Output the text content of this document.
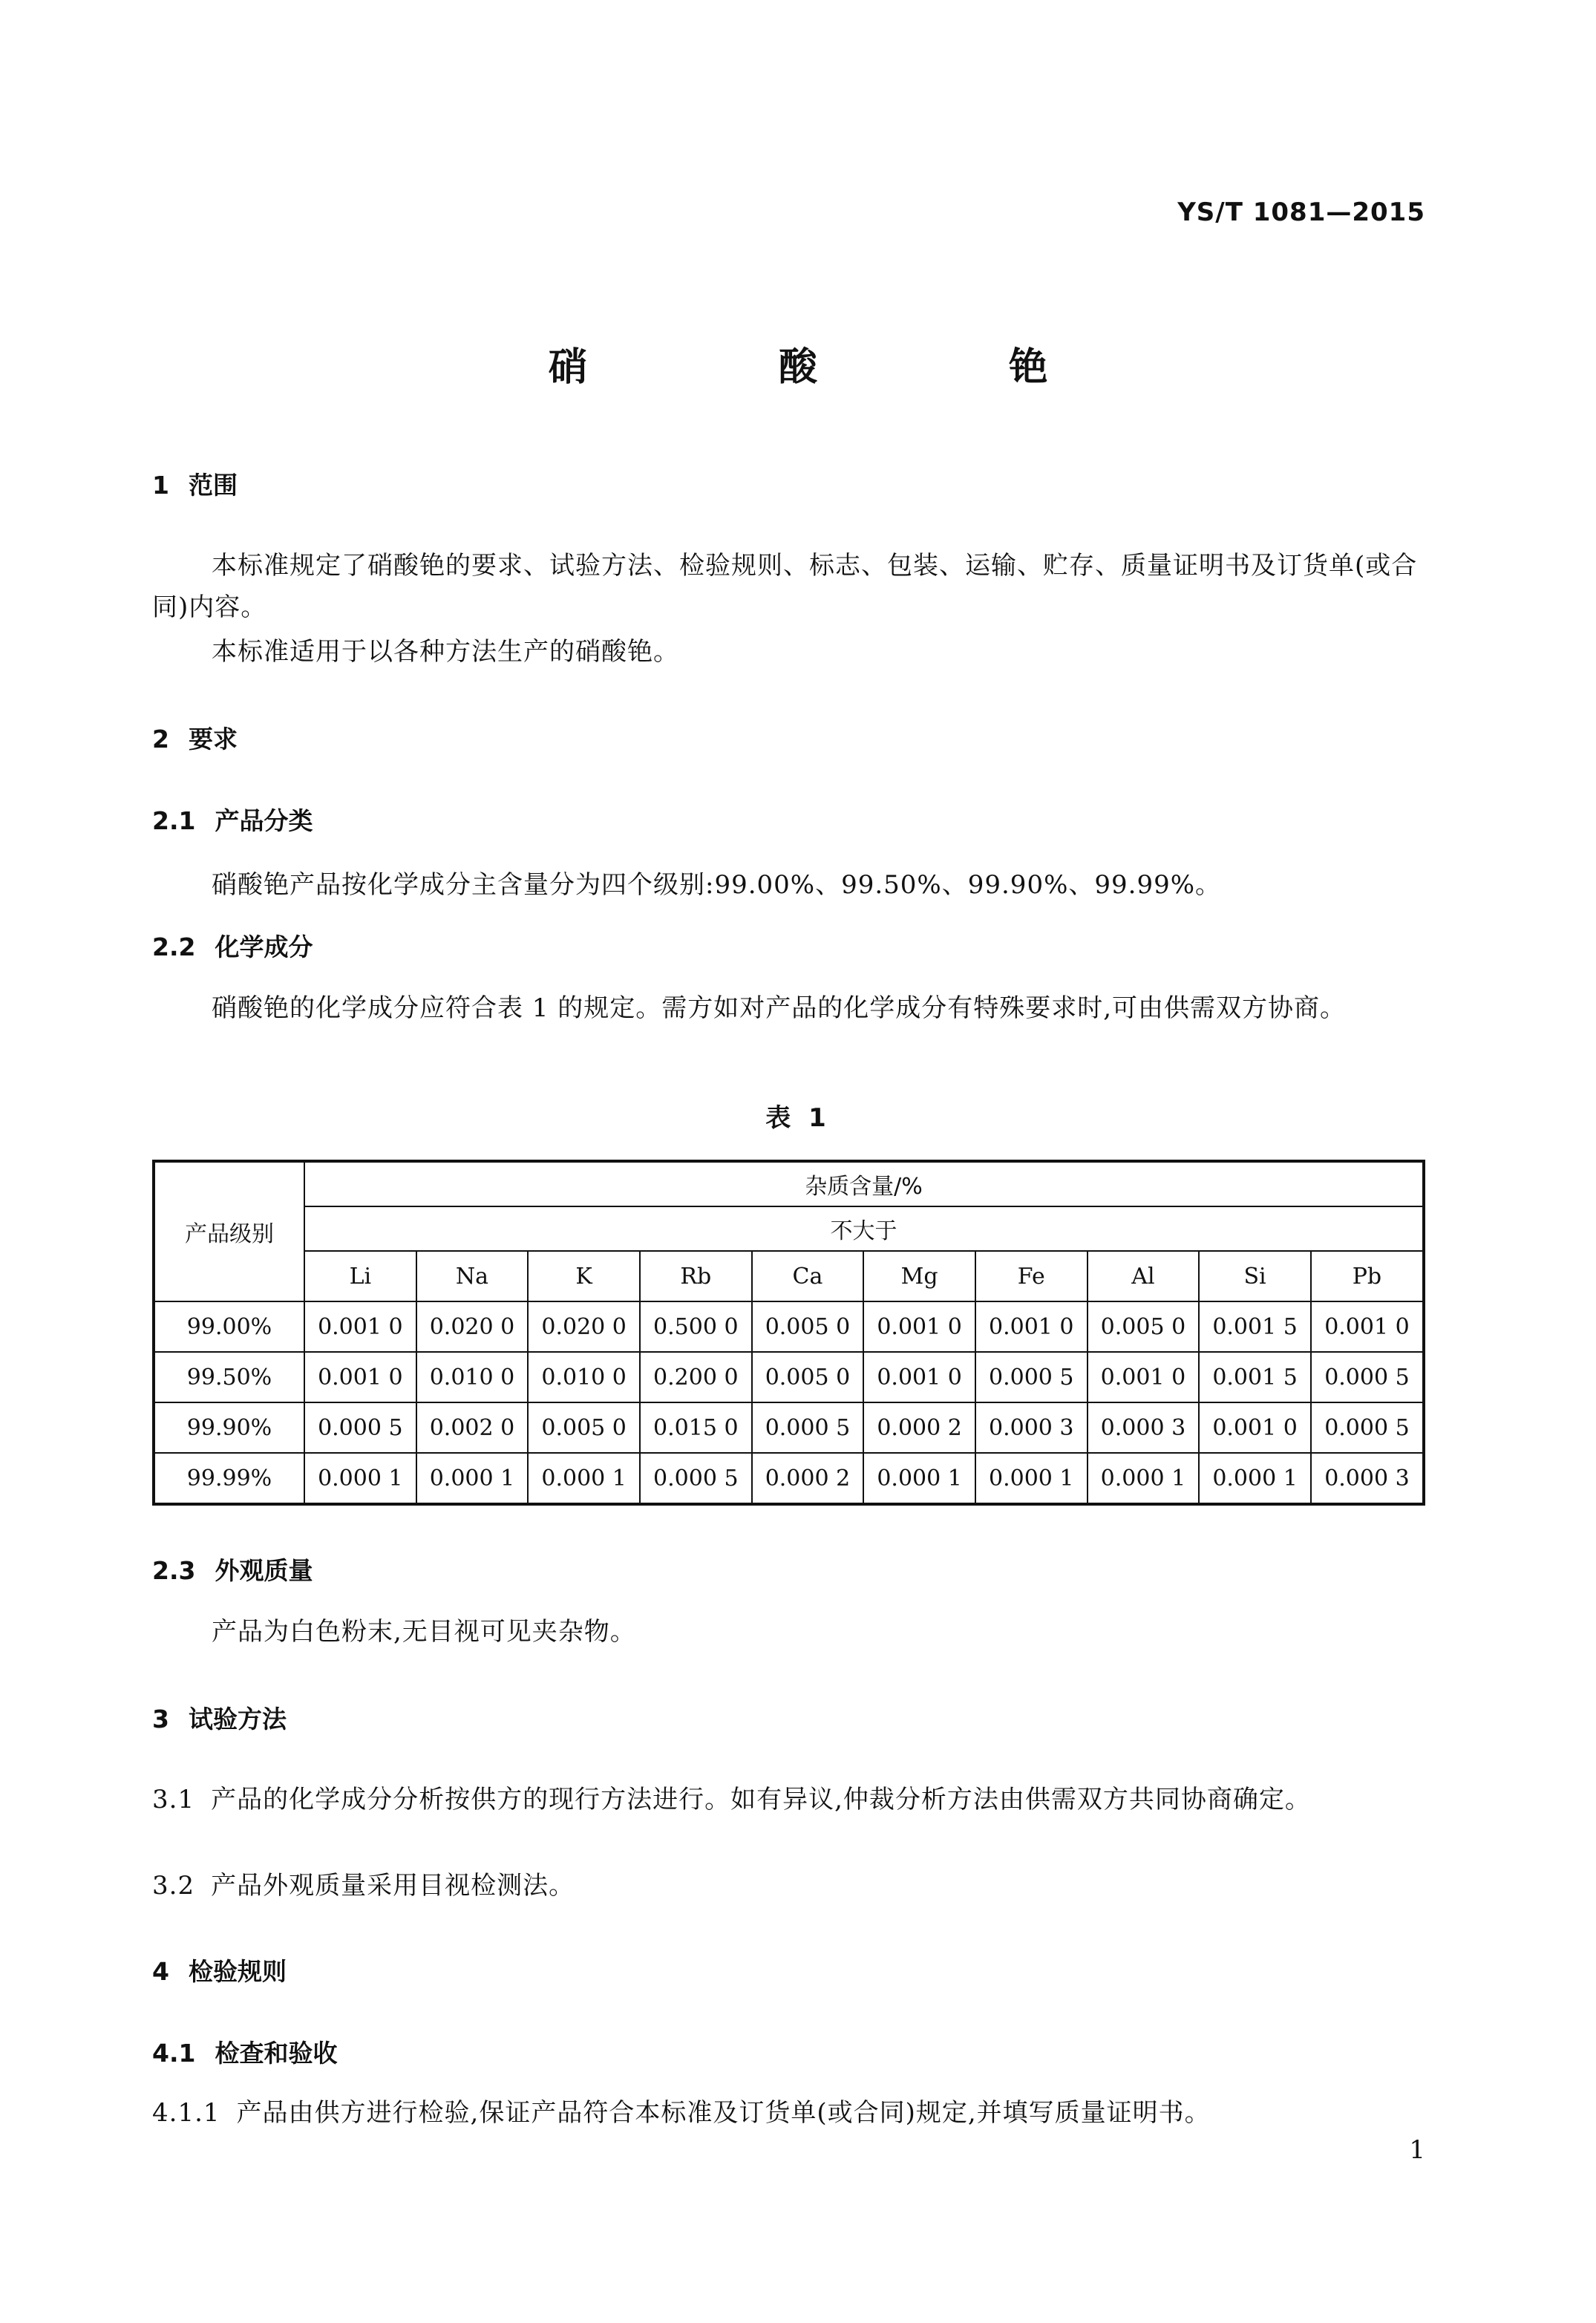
YS/T 1081—2015
硝 酸 铯
1 范围
本标准规定了硝酸铯的要求、试验方法、检验规则、标志、包装、运输、贮存、质量证明书及订货单(或合同)内容。
本标准适用于以各种方法生产的硝酸铯。
2 要求
2.1 产品分类
硝酸铯产品按化学成分主含量分为四个级别:99.00%、99.50%、99.90%、99.99%。
2.2 化学成分
硝酸铯的化学成分应符合表 1 的规定。需方如对产品的化学成分有特殊要求时,可由供需双方协商。
表 1
产品级别	杂质含量/%									
	不大于									
	Li	Na	K	Rb	Ca	Mg	Fe	Al	Si	Pb
99.00%	0.001 0	0.020 0	0.020 0	0.500 0	0.005 0	0.001 0	0.001 0	0.005 0	0.001 5	0.001 0
99.50%	0.001 0	0.010 0	0.010 0	0.200 0	0.005 0	0.001 0	0.000 5	0.001 0	0.001 5	0.000 5
99.90%	0.000 5	0.002 0	0.005 0	0.015 0	0.000 5	0.000 2	0.000 3	0.000 3	0.001 0	0.000 5
99.99%	0.000 1	0.000 1	0.000 1	0.000 5	0.000 2	0.000 1	0.000 1	0.000 1	0.000 1	0.000 3
2.3 外观质量
产品为白色粉末,无目视可见夹杂物。
3 试验方法
3.1 产品的化学成分分析按供方的现行方法进行。如有异议,仲裁分析方法由供需双方共同协商确定。
3.2 产品外观质量采用目视检测法。
4 检验规则
4.1 检查和验收
4.1.1 产品由供方进行检验,保证产品符合本标准及订货单(或合同)规定,并填写质量证明书。
1
